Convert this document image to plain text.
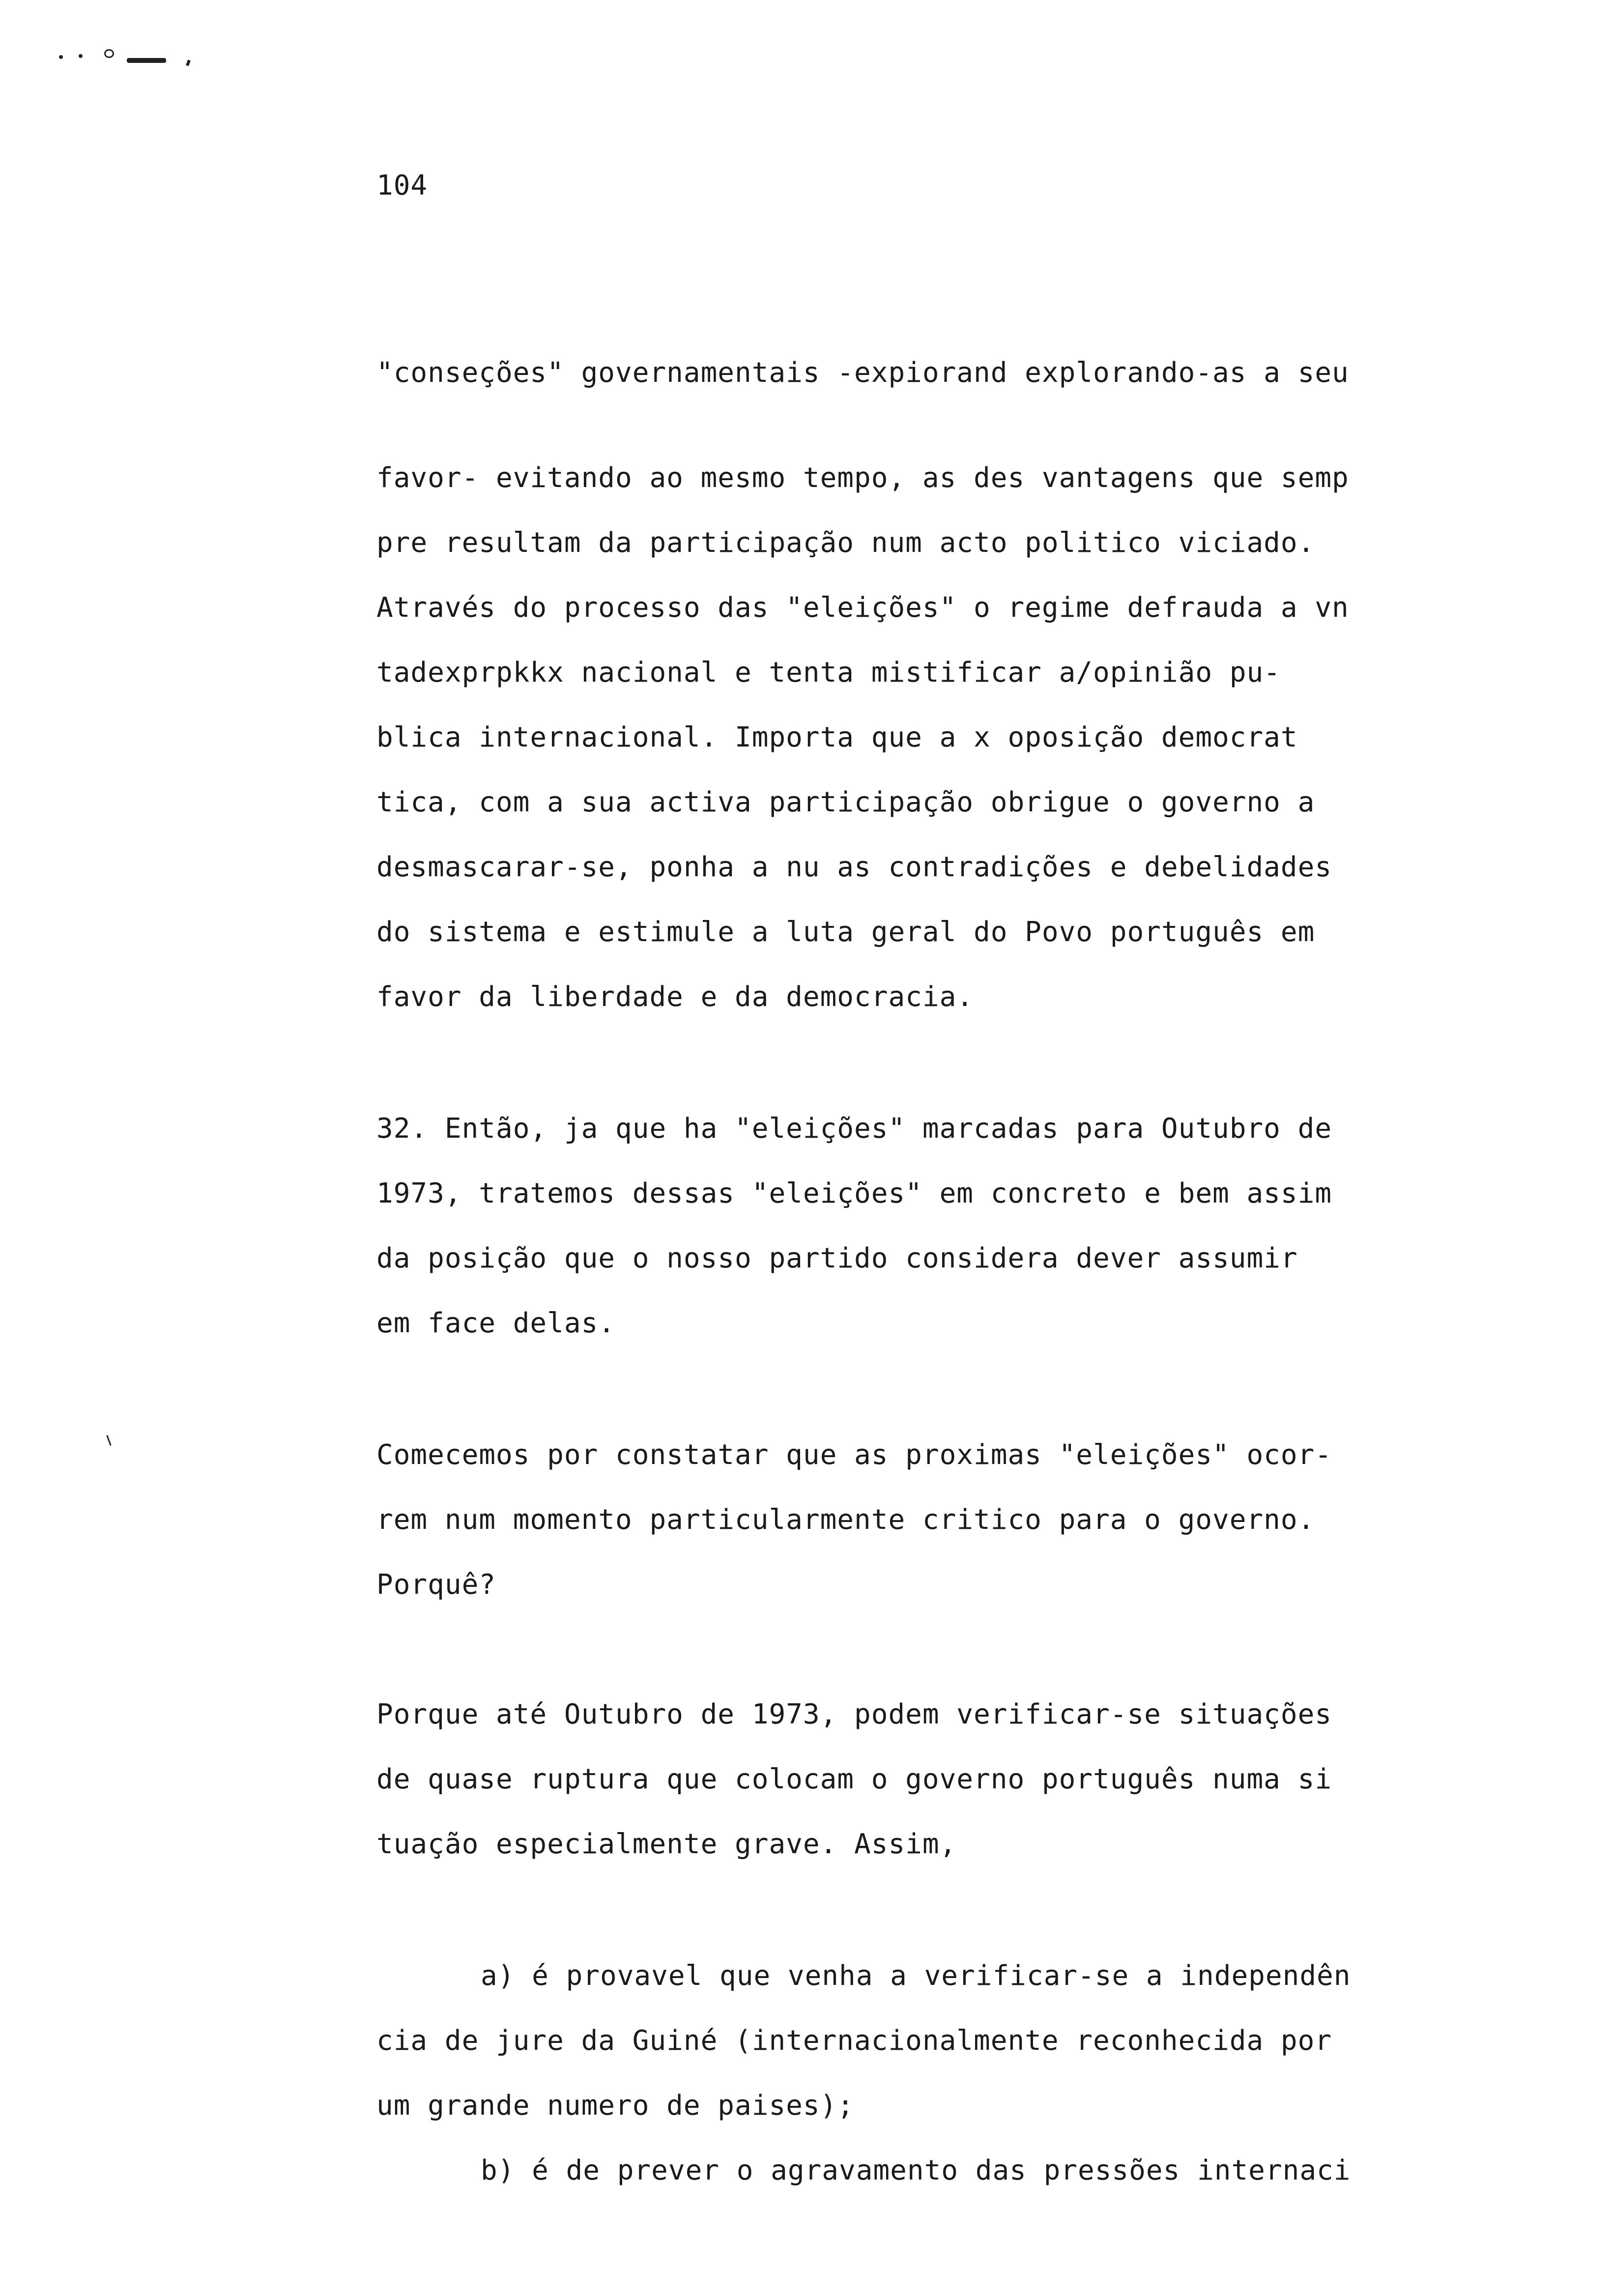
104
"conseções" governamentais -expiorand explorando-as a seu
favor- evitando ao mesmo tempo, as des vantagens que semp
pre resultam da participação num acto politico viciado.
Através do processo das "eleições" o regime defrauda a vn
tadexprpkkx nacional e tenta mistificar a/opinião pu-
blica internacional. Importa que a x oposição democrat
tica, com a sua activa participação obrigue o governo a
desmascarar-se, ponha a nu as contradições e debelidades
do sistema e estimule a luta geral do Povo português em
favor da liberdade e da democracia.
32. Então, ja que ha "eleições" marcadas para Outubro de
1973, tratemos dessas "eleições" em concreto e bem assim
da posição que o nosso partido considera dever assumir
em face delas.
Comecemos por constatar que as proximas "eleições" ocor-
rem num momento particularmente critico para o governo.
Porquê?
Porque até Outubro de 1973, podem verificar-se situações
de quase ruptura que colocam o governo português numa si
tuação especialmente grave. Assim,
a) é provavel que venha a verificar-se a independên
cia de jure da Guiné (internacionalmente reconhecida por
um grande numero de paises);
b) é de prever o agravamento das pressões internaci
